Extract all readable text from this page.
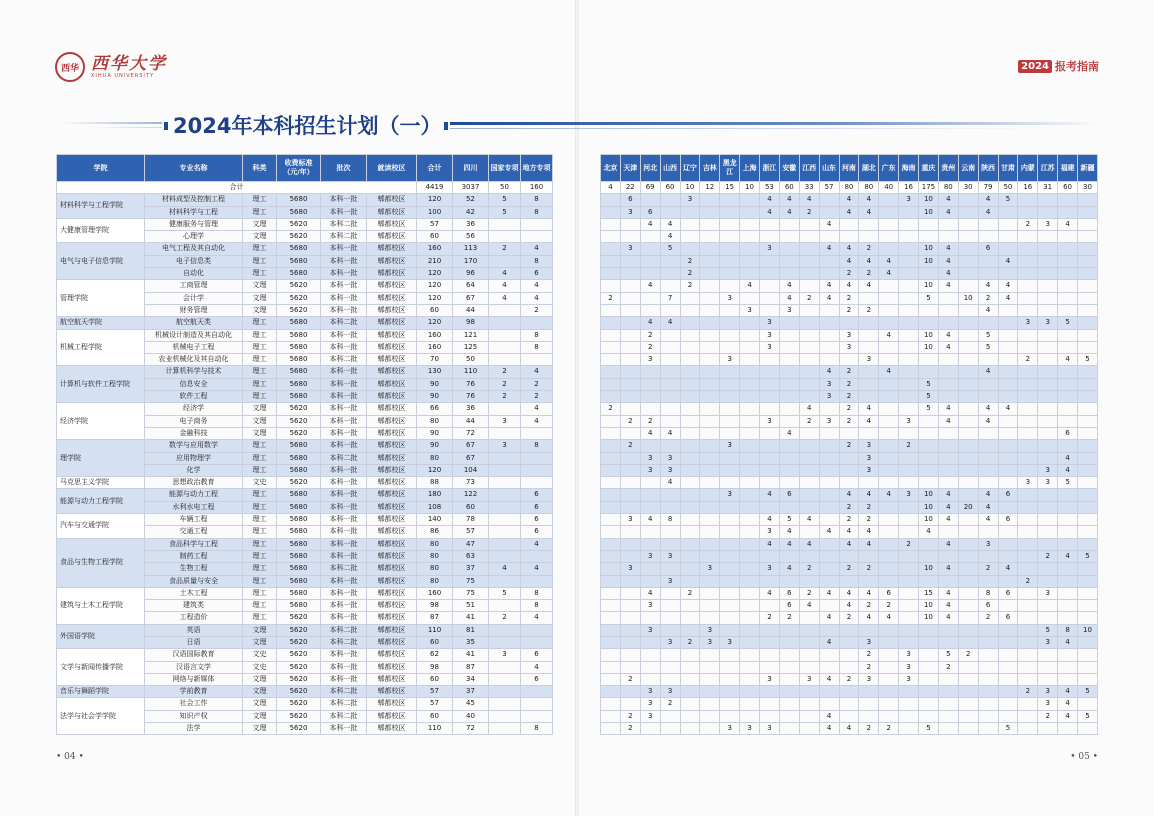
西华 西华大学
XIHUA UNIVERSITY
2024 报考指南
2024年本科招生计划（一）
学院	专业名称	科类	收费标准（元/年）	批次	就读校区	合计	四川	国家专项	地方专项
合计						4419	3037	50	160
材料科学与工程学院	材料成型及控制工程	理工	5680	本科一批	郫都校区	120	52	5	8
	材料科学与工程	理工	5680	本科一批	郫都校区	100	42	5	8
大健康管理学院	健康服务与管理	文理	5620	本科二批	郫都校区	57	36		
	心理学	文理	5620	本科二批	郫都校区	60	56		
电气与电子信息学院	电气工程及其自动化	理工	5680	本科一批	郫都校区	160	113	2	4
	电子信息类	理工	5680	本科一批	郫都校区	210	170		8
	自动化	理工	5680	本科一批	郫都校区	120	96	4	6
管理学院	工商管理	文理	5620	本科一批	郫都校区	120	64	4	4
	会计学	文理	5620	本科一批	郫都校区	120	67	4	4
	财务管理	文理	5620	本科一批	郫都校区	60	44		2
航空航天学院	航空航天类	理工	5680	本科二批	郫都校区	120	98		
机械工程学院	机械设计制造及其自动化	理工	5680	本科一批	郫都校区	160	121		8
	机械电子工程	理工	5680	本科一批	郫都校区	160	125		8
	农业机械化及其自动化	理工	5680	本科二批	郫都校区	70	50		
计算机与软件工程学院	计算机科学与技术	理工	5680	本科一批	郫都校区	130	110	2	4
	信息安全	理工	5680	本科一批	郫都校区	90	76	2	2
	软件工程	理工	5680	本科一批	郫都校区	90	76	2	2
经济学院	经济学	文理	5620	本科一批	郫都校区	66	36		4
	电子商务	文理	5620	本科一批	郫都校区	80	44	3	4
	金融科技	文理	5620	本科一批	郫都校区	90	72		
理学院	数学与应用数学	理工	5680	本科一批	郫都校区	90	67	3	8
	应用物理学	理工	5680	本科二批	郫都校区	80	67		
	化学	理工	5680	本科一批	郫都校区	120	104		
马克思主义学院	思想政治教育	文史	5620	本科一批	郫都校区	88	73		
能源与动力工程学院	能源与动力工程	理工	5680	本科一批	郫都校区	180	122		6
	水利水电工程	理工	5680	本科一批	郫都校区	108	60		6
汽车与交通学院	车辆工程	理工	5680	本科一批	郫都校区	140	78		6
	交通工程	理工	5680	本科一批	郫都校区	86	57		6
食品与生物工程学院	食品科学与工程	理工	5680	本科一批	郫都校区	80	47		4
	制药工程	理工	5680	本科一批	郫都校区	80	63		
	生物工程	理工	5680	本科二批	郫都校区	80	37	4	4
	食品质量与安全	理工	5680	本科一批	郫都校区	80	75		
建筑与土木工程学院	土木工程	理工	5680	本科一批	郫都校区	160	75	5	8
	建筑类	理工	5680	本科一批	郫都校区	98	51		8
	工程造价	理工	5620	本科一批	郫都校区	87	41	2	4
外国语学院	英语	文理	5620	本科二批	郫都校区	110	81		
	日语	文理	5620	本科二批	郫都校区	60	35		
文学与新闻传播学院	汉语国际教育	文史	5620	本科一批	郫都校区	62	41	3	6
	汉语言文学	文史	5620	本科一批	郫都校区	98	87		4
	网络与新媒体	文理	5620	本科一批	郫都校区	60	34		6
音乐与舞蹈学院	学前教育	文理	5620	本科二批	郫都校区	57	37		
法学与社会学学院	社会工作	文理	5620	本科二批	郫都校区	57	45		
	知识产权	文理	5620	本科二批	郫都校区	60	40		
	法学	文理	5620	本科一批	郫都校区	110	72		8
北京	天津	河北	山西	辽宁	吉林	黑龙江	上海	浙江	安徽	江西	山东	河南	湖北	广东	海南	重庆	贵州	云南	陕西	甘肃	内蒙	江苏	福建	新疆
4	22	69	60	10	12	15	10	53	60	33	57	80	80	40	16	175	80	30	79	50	16	31	60	30
	6			3				4	4	4		4	4		3	10	4		4	5				
	3	6						4	4	2		4	4			10	4		4					
		4	4								4										2	3	4	
			4																					
	3		5					3			4	4	2			10	4		6					
				2								4	4	4		10	4			4				
				2								2	2	4			4							
		4		2			4		4		4	4	4			10	4		4	4				
2			7			3			4	2	4	2				5		10	2	4				
							3		3			2	2						4					
		4	4					3													3	3	5	
		2						3				3		4		10	4		5					
		2						3				3				10	4		5					
		3				3							3								2		4	5
											4	2		4					4					
											3	2				5								
											3	2				5								
2										4		2	4			5	4		4	4				
	2	2						3		2	3	2	4		3		4		4					
		4	4						4														6	
	2					3						2	3		2									
		3	3										3										4	
		3	3										3									3	4	
			4																		3	3	5	
						3		4	6			4	4	4	3	10	4		4	6				
												2	2			10	4	20	4					
	3	4	8					4	5	4		2	2			10	4		4	6				
								3	4		4	4	4			4								
								4	4	4		4	4		2		4		3					
		3	3																			2	4	5
	3				3			3	4	2		2	2			10	4		2	4				
			3																		2			
		4		2				4	6	2	4	4	4	6		15	4		8	6		3		
		3							6	4		4	2	2		10	4		6					
								2	2		4	2	4	4		10	4		2	6				
		3			3																	5	8	10
			3	2	3	3					4		3									3	4	
													2		3		5	2						
													2		3		2							
	2							3		3	4	2	3		3									
		3	3																		2	3	4	5
		3	2																			3	4	
	2	3									4											2	4	5
	2					3	3	3			4	4	2	2		5				5				
• 04 •	• 05 •
